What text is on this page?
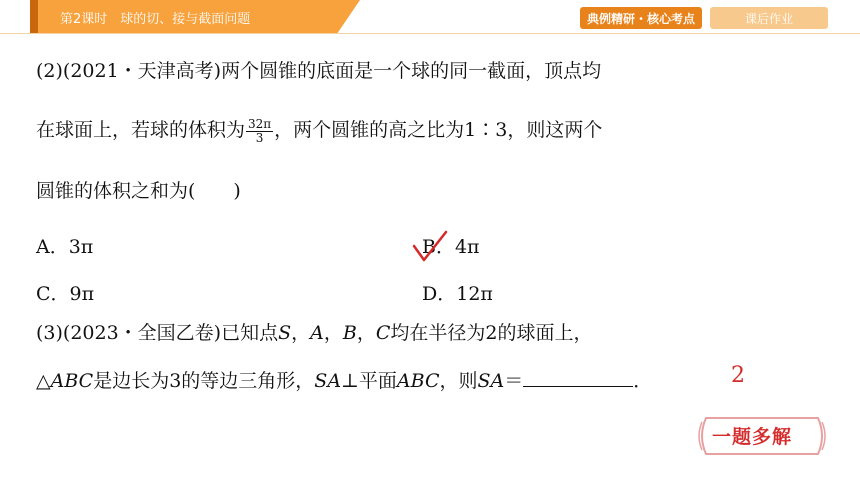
第2课时　球的切、接与截面问题	典例精研・核心考点	课后作业
(2)(2021・天津高考)两个圆锥的底面是一个球的同一截面，顶点均
在球面上，若球的体积为 $\frac{32\pi}{3}$ ，两个圆锥的高之比为1∶3，则这两个
圆锥的体积之和为(　　)
A．3π	B．4π
C．9π	D．12π
(3)(2023・全国乙卷)已知点S，A，B，C均在半径为2的球面上，
△ABC是边长为3的等边三角形，SA⊥平面ABC，则SA＝	．	2
一题多解
